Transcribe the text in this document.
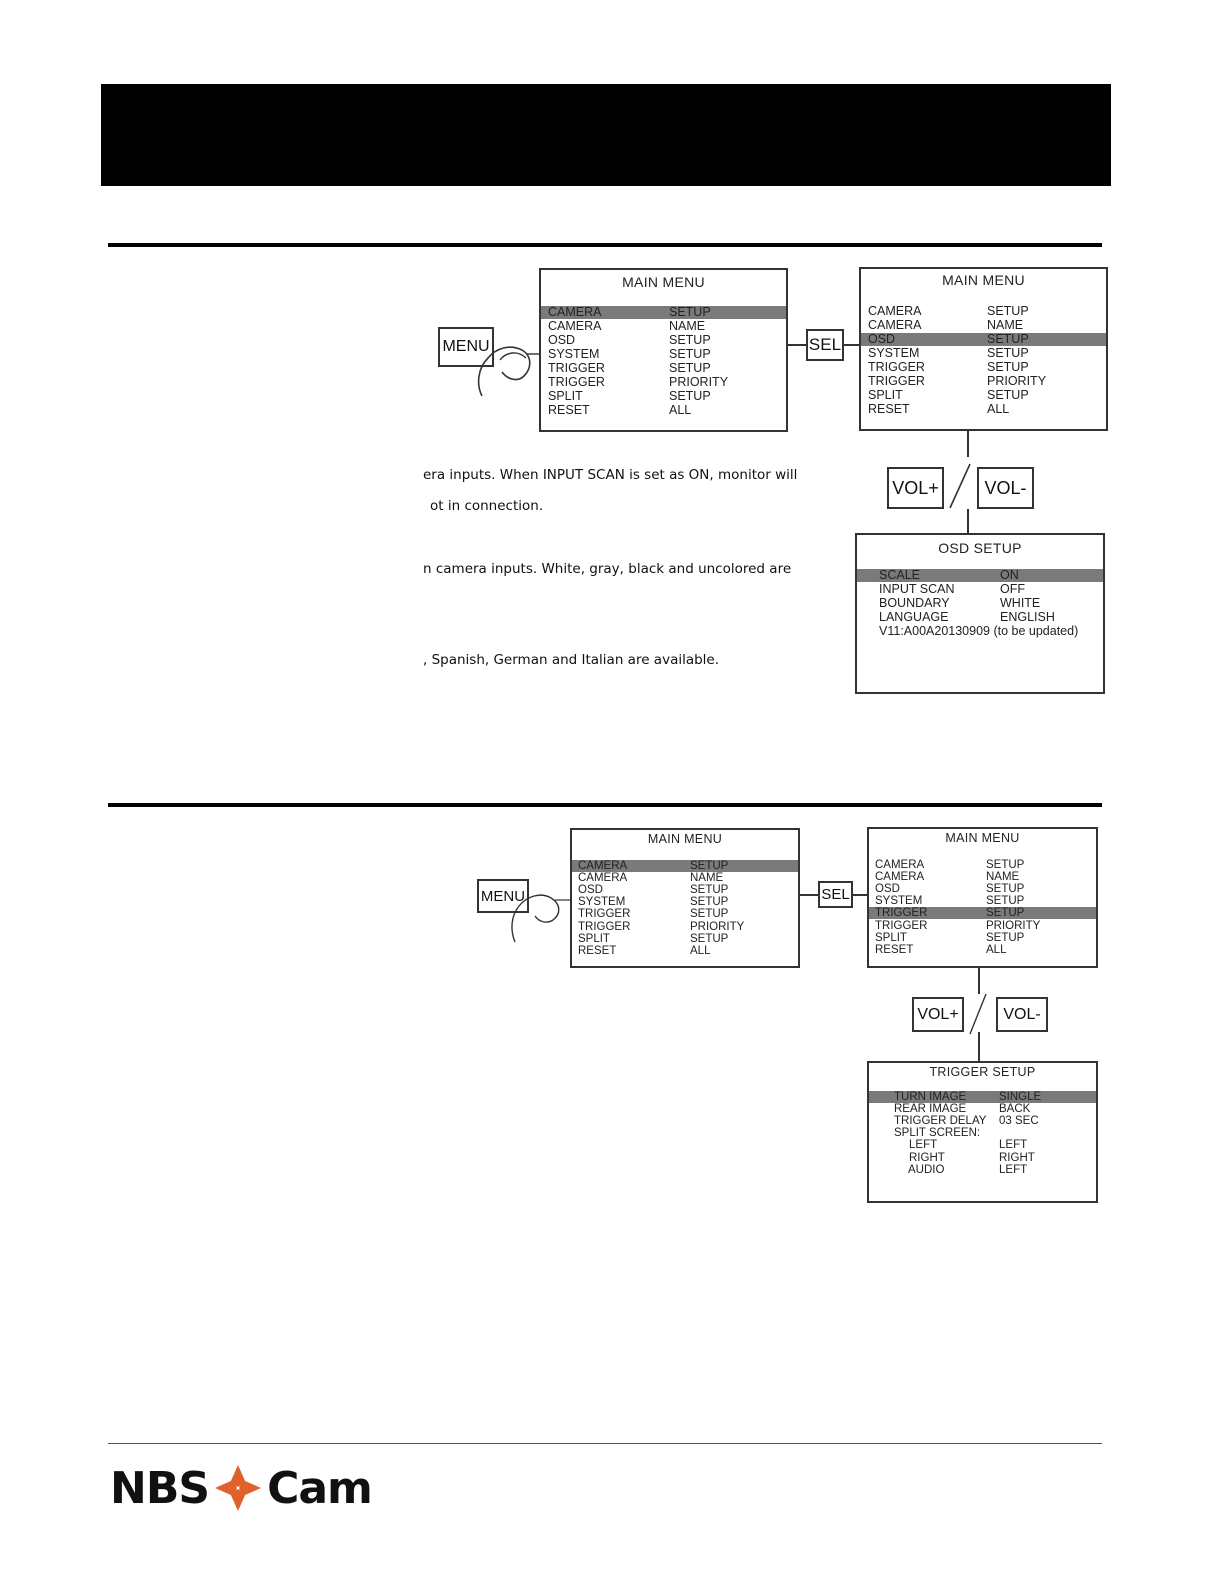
MENU
MAIN MENU
CAMERA	SETUP
CAMERA	NAME
OSD	SETUP
SYSTEM	SETUP
TRIGGER	SETUP
TRIGGER	PRIORITY
SPLIT	SETUP
RESET	ALL
SEL
MAIN MENU
CAMERA	SETUP
CAMERA	NAME
OSD	SETUP
SYSTEM	SETUP
TRIGGER	SETUP
TRIGGER	PRIORITY
SPLIT	SETUP
RESET	ALL
VOL+	VOL-
OSD SETUP
SCALE	ON
INPUT SCAN	OFF
BOUNDARY	WHITE
LANGUAGE	ENGLISH
V11:A00A20130909 (to be updated)
era inputs. When INPUT SCAN is set as ON, monitor will
ot in connection.
n camera inputs. White, gray, black and uncolored are
, Spanish, German and Italian are available.
MENU
MAIN MENU
CAMERA	SETUP
CAMERA	NAME
OSD	SETUP
SYSTEM	SETUP
TRIGGER	SETUP
TRIGGER	PRIORITY
SPLIT	SETUP
RESET	ALL
SEL
MAIN MENU
CAMERA	SETUP
CAMERA	NAME
OSD	SETUP
SYSTEM	SETUP
TRIGGER	SETUP
TRIGGER	PRIORITY
SPLIT	SETUP
RESET	ALL
VOL+	VOL-
TRIGGER SETUP
TURN IMAGE	SINGLE
REAR IMAGE	BACK
TRIGGER DELAY 03 SEC
SPLIT SCREEN:
LEFT	LEFT
RIGHT	RIGHT
AUDIO	LEFT
NBS Cam
